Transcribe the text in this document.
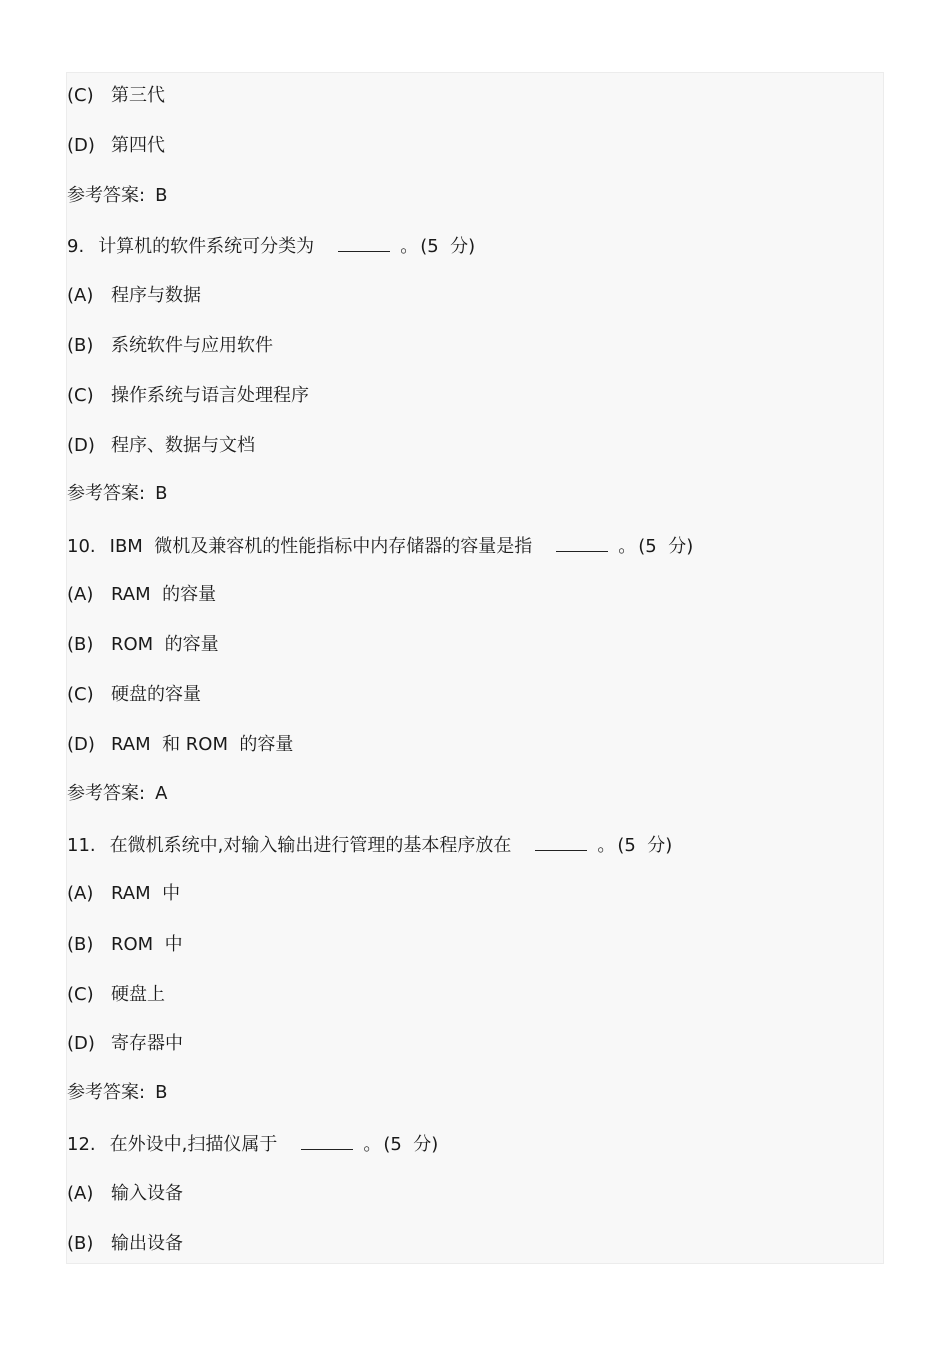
(C) 第三代
(D) 第四代
参考答案: B
9. 计算机的软件系统可分类为	。 (5  分)
(A) 程序与数据
(B) 系统软件与应用软件
(C) 操作系统与语言处理程序
(D) 程序、数据与文档
参考答案: B
10. IBM  微机及兼容机的性能指标中内存储器的容量是指	。 (5  分)
(A) RAM  的容量
(B) ROM  的容量
(C) 硬盘的容量
(D) RAM  和 ROM  的容量
参考答案: A
11. 在微机系统中,对输入输出进行管理的基本程序放在	。 (5  分)
(A) RAM  中
(B) ROM  中
(C) 硬盘上
(D) 寄存器中
参考答案: B
12. 在外设中,扫描仪属于	。 (5  分)
(A) 输入设备
(B) 输出设备
